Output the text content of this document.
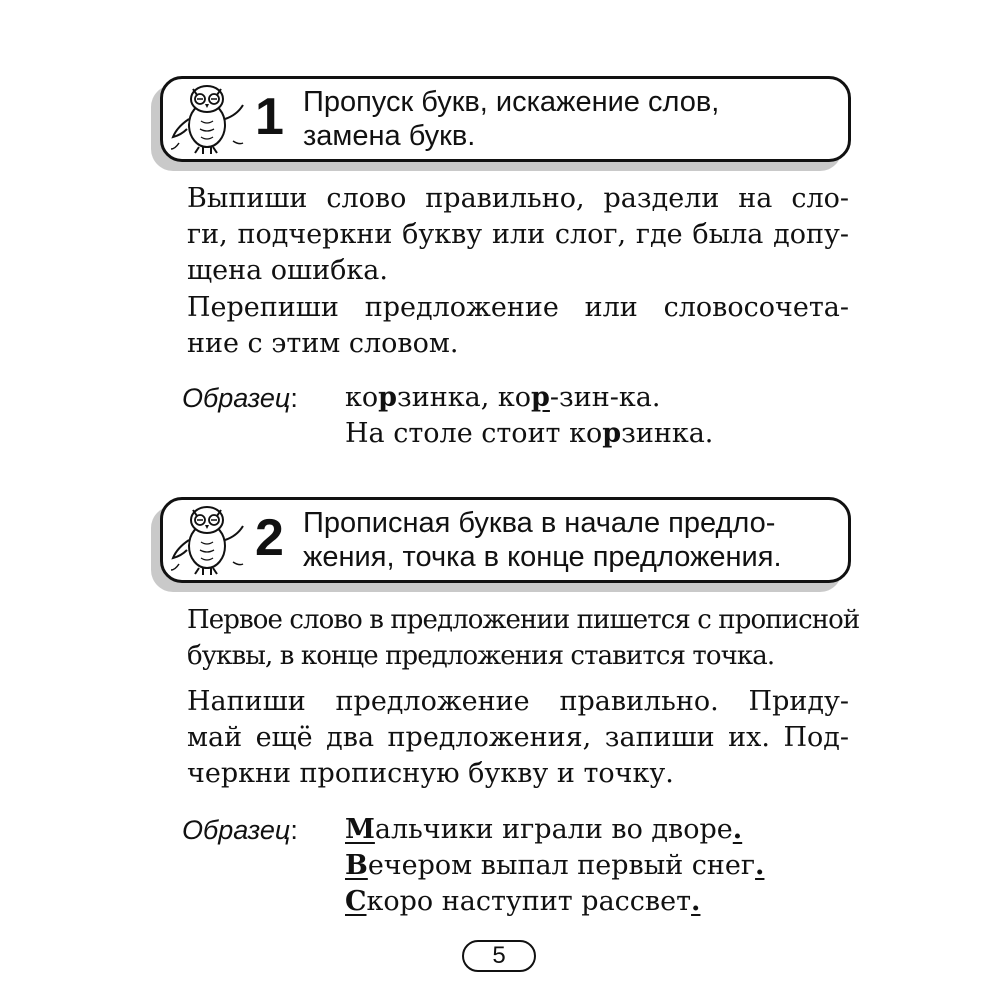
1 Пропуск букв, искажение слов,
замена букв.
Выпиши слово правильно, раздели на сло-
ги, подчеркни букву или слог, где была допу-
щена ошибка.
Перепиши предложение или словосочета-
ние с этим словом.
Образец: корзинка, кор-зин-ка.
На столе стоит корзинка.
2 Прописная буква в начале предло-
жения, точка в конце предложения.
Первое слово в предложении пишется с прописной
буквы, в конце предложения ставится точка.
Напиши предложение правильно. Приду-
май ещё два предложения, запиши их. Под-
черкни прописную букву и точку.
Образец: Мальчики играли во дворе.
Вечером выпал первый снег.
Скоро наступит рассвет.
5
